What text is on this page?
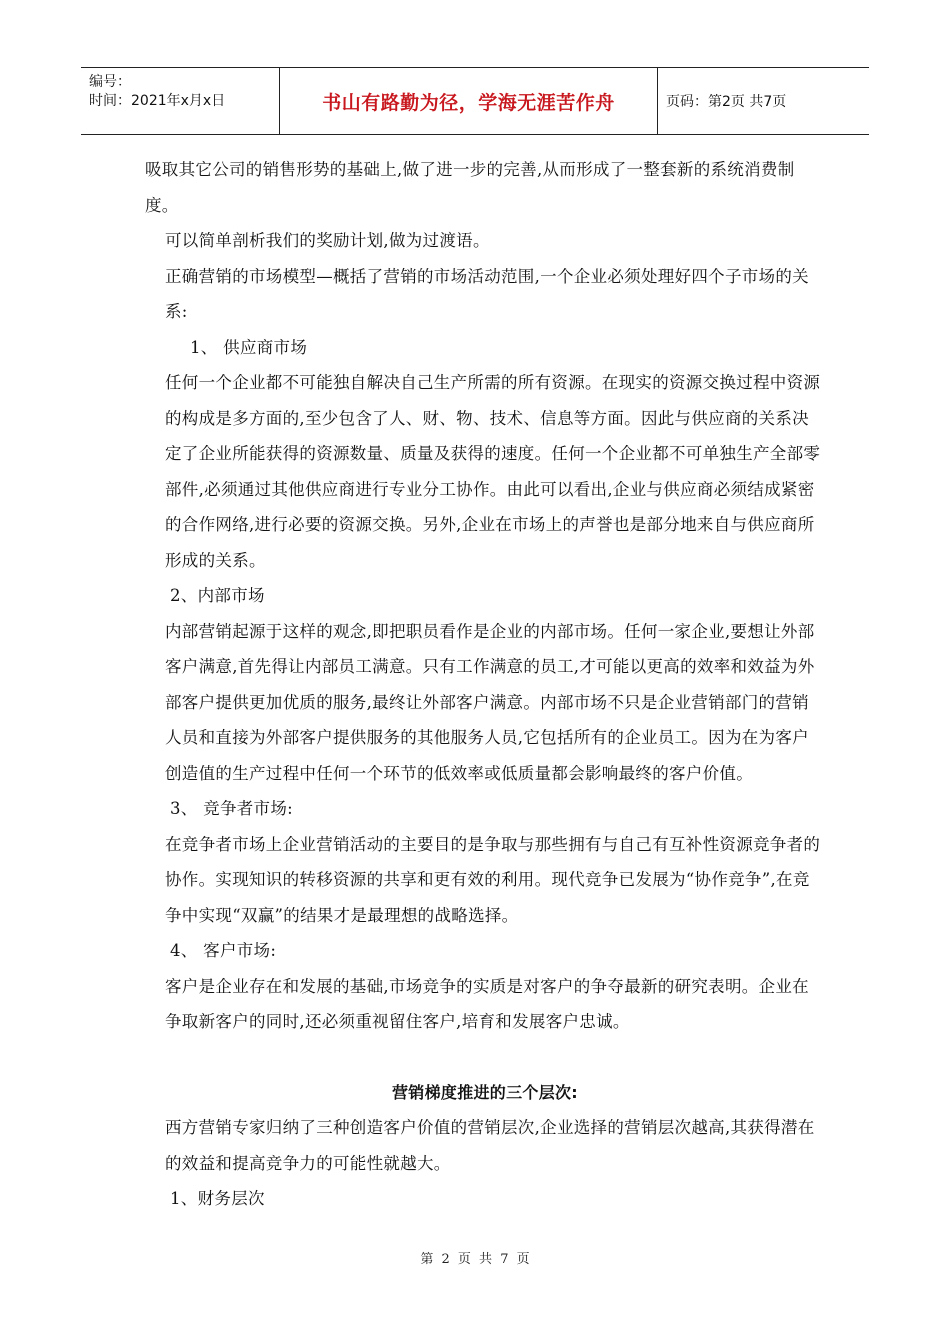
编号：
时间：2021年x月x日	书山有路勤为径，学海无涯苦作舟	页码：第2页 共7页

吸取其它公司的销售形势的基础上,做了进一步的完善,从而形成了一整套新的系统消费制度。

可以简单剖析我们的奖励计划,做为过渡语。

正确营销的市场模型—概括了营销的市场活动范围,一个企业必须处理好四个子市场的关系:

1、 供应商市场

任何一个企业都不可能独自解决自己生产所需的所有资源。在现实的资源交换过程中资源的构成是多方面的,至少包含了人、财、物、技术、信息等方面。因此与供应商的关系决定了企业所能获得的资源数量、质量及获得的速度。任何一个企业都不可单独生产全部零部件,必须通过其他供应商进行专业分工协作。由此可以看出,企业与供应商必须结成紧密的合作网络,进行必要的资源交换。另外,企业在市场上的声誉也是部分地来自与供应商所形成的关系。

2、内部市场

内部营销起源于这样的观念,即把职员看作是企业的内部市场。任何一家企业,要想让外部客户满意,首先得让内部员工满意。只有工作满意的员工,才可能以更高的效率和效益为外部客户提供更加优质的服务,最终让外部客户满意。内部市场不只是企业营销部门的营销人员和直接为外部客户提供服务的其他服务人员,它包括所有的企业员工。因为在为客户创造值的生产过程中任何一个环节的低效率或低质量都会影响最终的客户价值。

3、 竞争者市场:

在竞争者市场上企业营销活动的主要目的是争取与那些拥有与自己有互补性资源竞争者的协作。实现知识的转移资源的共享和更有效的利用。现代竞争已发展为“协作竞争”,在竞争中实现“双赢”的结果才是最理想的战略选择。

4、 客户市场:

客户是企业存在和发展的基础,市场竞争的实质是对客户的争夺最新的研究表明。企业在争取新客户的同时,还必须重视留住客户,培育和发展客户忠诚。

营销梯度推进的三个层次:

西方营销专家归纳了三种创造客户价值的营销层次,企业选择的营销层次越高,其获得潜在的效益和提高竞争力的可能性就越大。

1、财务层次

第 2 页 共 7 页
